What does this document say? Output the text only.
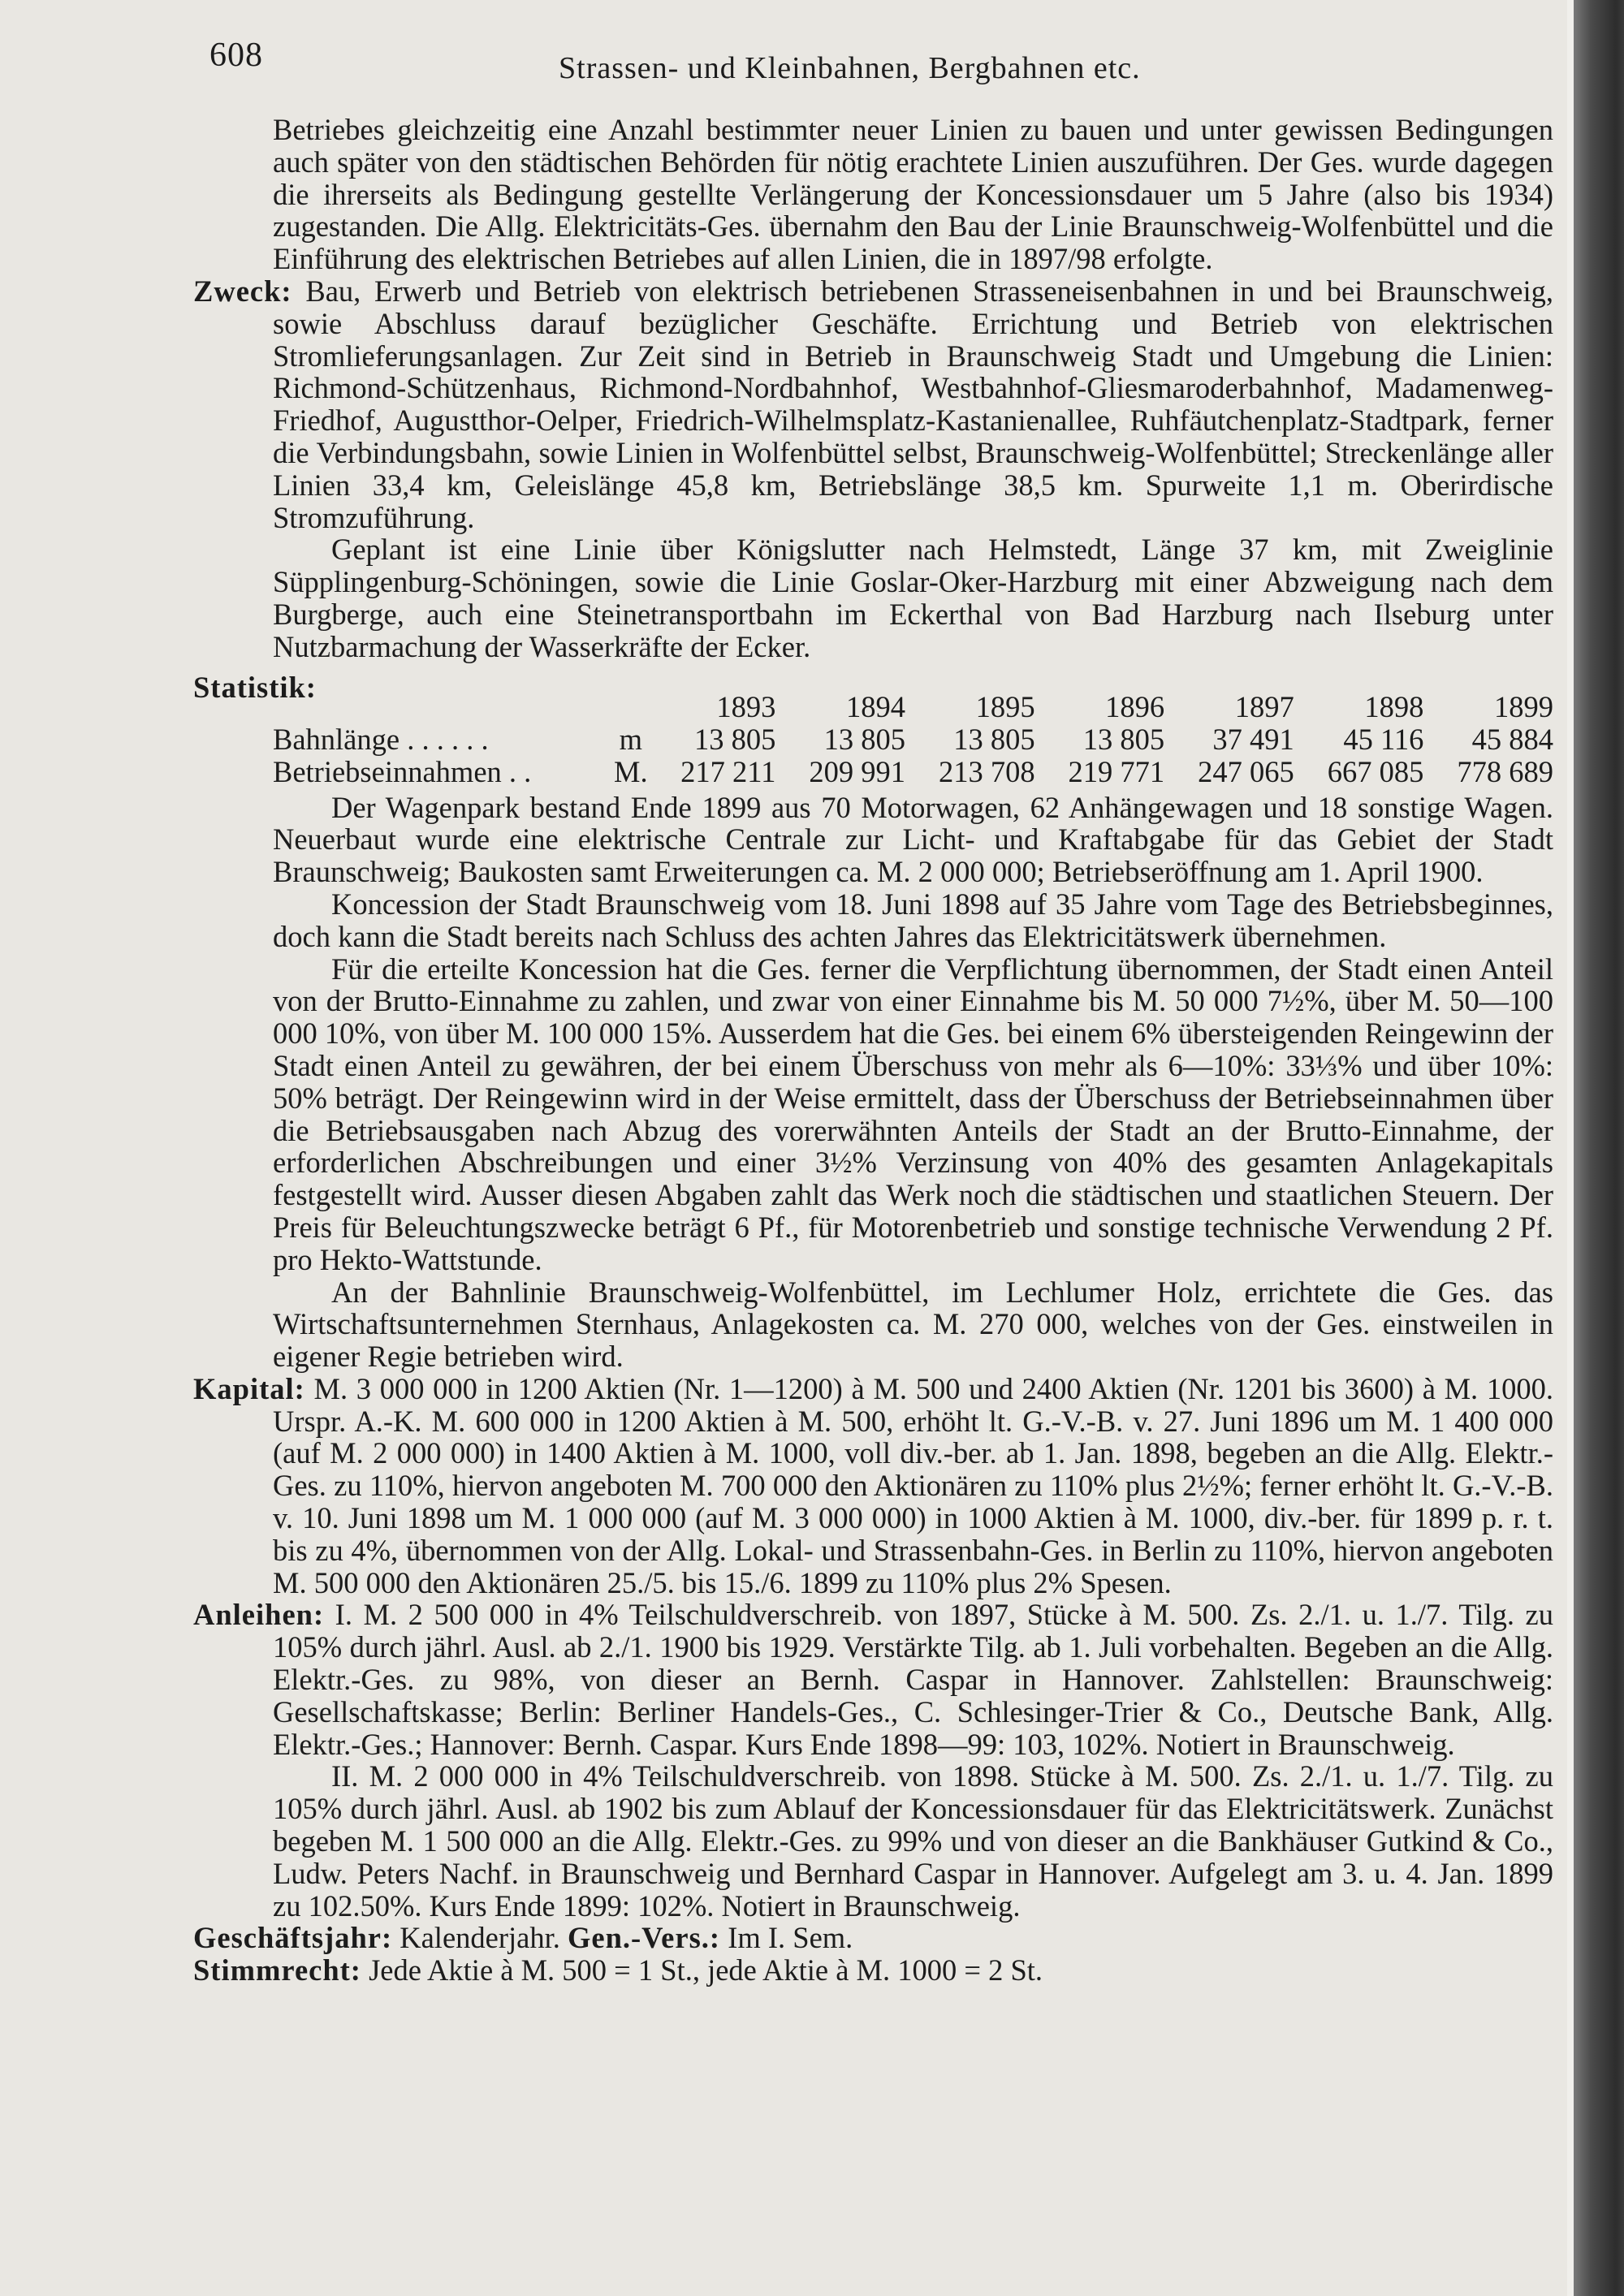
608	Strassen- und Kleinbahnen, Bergbahnen etc.

Betriebes gleichzeitig eine Anzahl bestimmter neuer Linien zu bauen und unter gewissen Bedingungen auch später von den städtischen Behörden für nötig erachtete Linien auszuführen. Der Ges. wurde dagegen die ihrerseits als Bedingung gestellte Verlängerung der Koncessionsdauer um 5 Jahre (also bis 1934) zugestanden. Die Allg. Elektricitäts-Ges. übernahm den Bau der Linie Braunschweig-Wolfenbüttel und die Einführung des elektrischen Betriebes auf allen Linien, die in 1897/98 erfolgte.

Zweck: Bau, Erwerb und Betrieb von elektrisch betriebenen Strasseneisenbahnen in und bei Braunschweig, sowie Abschluss darauf bezüglicher Geschäfte. Errichtung und Betrieb von elektrischen Stromlieferungsanlagen. Zur Zeit sind in Betrieb in Braunschweig Stadt und Umgebung die Linien: Richmond-Schützenhaus, Richmond-Nordbahnhof, Westbahnhof-Gliesmaroderbahnhof, Madamenweg-Friedhof, Augustthor-Oelper, Friedrich-Wilhelmsplatz-Kastanienallee, Ruhfäutchenplatz-Stadtpark, ferner die Verbindungsbahn, sowie Linien in Wolfenbüttel selbst, Braunschweig-Wolfenbüttel; Streckenlänge aller Linien 33,4 km, Geleislänge 45,8 km, Betriebslänge 38,5 km. Spurweite 1,1 m. Oberirdische Stromzuführung.

Geplant ist eine Linie über Königslutter nach Helmstedt, Länge 37 km, mit Zweiglinie Süpplingenburg-Schöningen, sowie die Linie Goslar-Oker-Harzburg mit einer Abzweigung nach dem Burgberge, auch eine Steinetransportbahn im Eckerthal von Bad Harzburg nach Ilseburg unter Nutzbarmachung der Wasserkräfte der Ecker.

Statistik:
		1893	1894	1895	1896	1897	1898	1899
Bahnlänge . . . . . .	m	13 805	13 805	13 805	13 805	37 491	45 116	45 884
Betriebseinnahmen . .	M.	217 211	209 991	213 708	219 771	247 065	667 085	778 689

Der Wagenpark bestand Ende 1899 aus 70 Motorwagen, 62 Anhängewagen und 18 sonstige Wagen. Neuerbaut wurde eine elektrische Centrale zur Licht- und Kraftabgabe für das Gebiet der Stadt Braunschweig; Baukosten samt Erweiterungen ca. M. 2 000 000; Betriebseröffnung am 1. April 1900.

Koncession der Stadt Braunschweig vom 18. Juni 1898 auf 35 Jahre vom Tage des Betriebsbeginnes, doch kann die Stadt bereits nach Schluss des achten Jahres das Elektricitätswerk übernehmen.

Für die erteilte Koncession hat die Ges. ferner die Verpflichtung übernommen, der Stadt einen Anteil von der Brutto-Einnahme zu zahlen, und zwar von einer Einnahme bis M. 50 000 7½%, über M. 50—100 000 10%, von über M. 100 000 15%. Ausserdem hat die Ges. bei einem 6% übersteigenden Reingewinn der Stadt einen Anteil zu gewähren, der bei einem Überschuss von mehr als 6—10%: 33⅓% und über 10%: 50% beträgt. Der Reingewinn wird in der Weise ermittelt, dass der Überschuss der Betriebseinnahmen über die Betriebsausgaben nach Abzug des vorerwähnten Anteils der Stadt an der Brutto-Einnahme, der erforderlichen Abschreibungen und einer 3½% Verzinsung von 40% des gesamten Anlagekapitals festgestellt wird. Ausser diesen Abgaben zahlt das Werk noch die städtischen und staatlichen Steuern. Der Preis für Beleuchtungszwecke beträgt 6 Pf., für Motorenbetrieb und sonstige technische Verwendung 2 Pf. pro Hekto-Wattstunde.

An der Bahnlinie Braunschweig-Wolfenbüttel, im Lechlumer Holz, errichtete die Ges. das Wirtschaftsunternehmen Sternhaus, Anlagekosten ca. M. 270 000, welches von der Ges. einstweilen in eigener Regie betrieben wird.

Kapital: M. 3 000 000 in 1200 Aktien (Nr. 1—1200) à M. 500 und 2400 Aktien (Nr. 1201 bis 3600) à M. 1000. Urspr. A.-K. M. 600 000 in 1200 Aktien à M. 500, erhöht lt. G.-V.-B. v. 27. Juni 1896 um M. 1 400 000 (auf M. 2 000 000) in 1400 Aktien à M. 1000, voll div.-ber. ab 1. Jan. 1898, begeben an die Allg. Elektr.-Ges. zu 110%, hiervon angeboten M. 700 000 den Aktionären zu 110% plus 2½%; ferner erhöht lt. G.-V.-B. v. 10. Juni 1898 um M. 1 000 000 (auf M. 3 000 000) in 1000 Aktien à M. 1000, div.-ber. für 1899 p. r. t. bis zu 4%, übernommen von der Allg. Lokal- und Strassenbahn-Ges. in Berlin zu 110%, hiervon angeboten M. 500 000 den Aktionären 25./5. bis 15./6. 1899 zu 110% plus 2% Spesen.

Anleihen: I. M. 2 500 000 in 4% Teilschuldverschreib. von 1897, Stücke à M. 500. Zs. 2./1. u. 1./7. Tilg. zu 105% durch jährl. Ausl. ab 2./1. 1900 bis 1929. Verstärkte Tilg. ab 1. Juli vorbehalten. Begeben an die Allg. Elektr.-Ges. zu 98%, von dieser an Bernh. Caspar in Hannover. Zahlstellen: Braunschweig: Gesellschaftskasse; Berlin: Berliner Handels-Ges., C. Schlesinger-Trier & Co., Deutsche Bank, Allg. Elektr.-Ges.; Hannover: Bernh. Caspar. Kurs Ende 1898—99: 103, 102%. Notiert in Braunschweig.

II. M. 2 000 000 in 4% Teilschuldverschreib. von 1898. Stücke à M. 500. Zs. 2./1. u. 1./7. Tilg. zu 105% durch jährl. Ausl. ab 1902 bis zum Ablauf der Koncessionsdauer für das Elektricitätswerk. Zunächst begeben M. 1 500 000 an die Allg. Elektr.-Ges. zu 99% und von dieser an die Bankhäuser Gutkind & Co., Ludw. Peters Nachf. in Braunschweig und Bernhard Caspar in Hannover. Aufgelegt am 3. u. 4. Jan. 1899 zu 102.50%. Kurs Ende 1899: 102%. Notiert in Braunschweig.

Geschäftsjahr: Kalenderjahr. Gen.-Vers.: Im I. Sem.

Stimmrecht: Jede Aktie à M. 500 = 1 St., jede Aktie à M. 1000 = 2 St.
